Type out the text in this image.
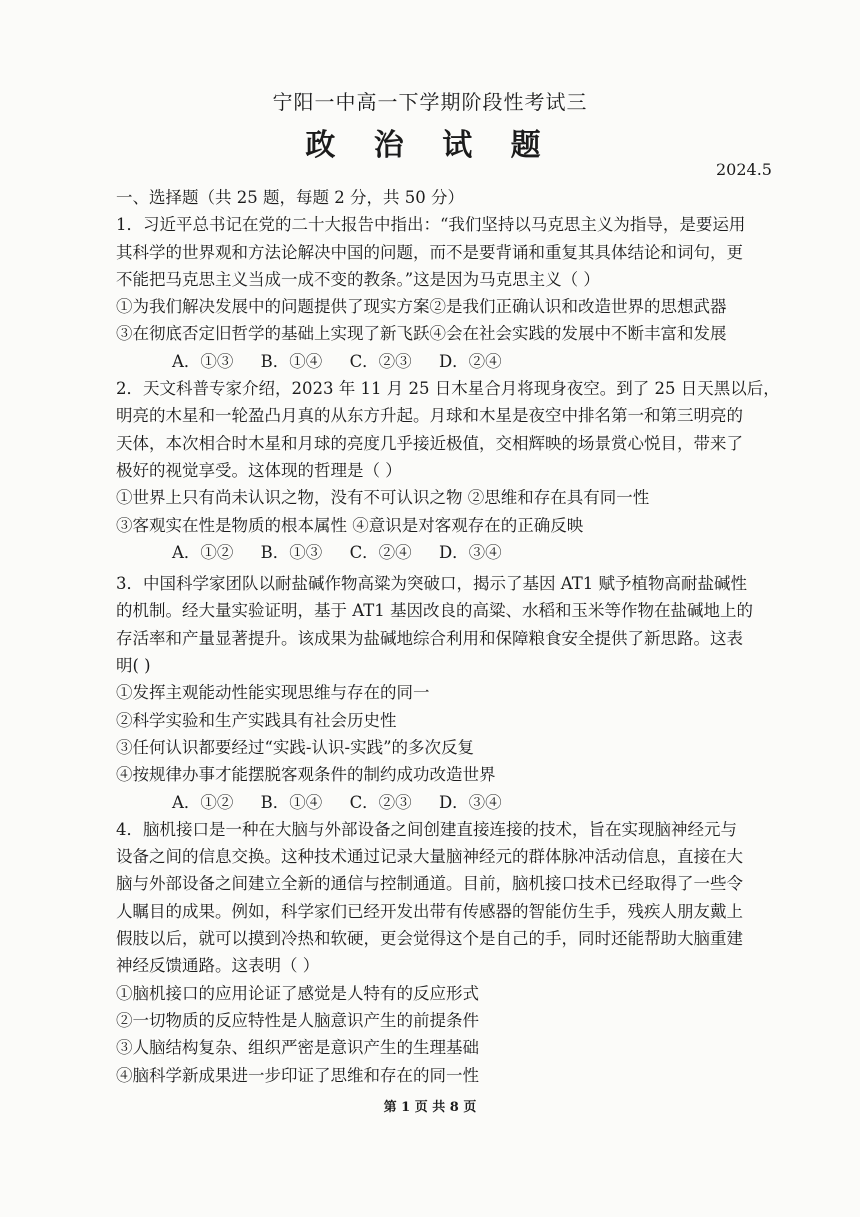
宁阳一中高一下学期阶段性考试三
政 治 试 题
2024.5
一、选择题（共 25 题，每题 2 分，共 50 分）
1．习近平总书记在党的二十大报告中指出：“我们坚持以马克思主义为指导，是要运用
其科学的世界观和方法论解决中国的问题，而不是要背诵和重复其具体结论和词句，更
不能把马克思主义当成一成不变的教条。”这是因为马克思主义（ ）
①为我们解决发展中的问题提供了现实方案②是我们正确认识和改造世界的思想武器
③在彻底否定旧哲学的基础上实现了新飞跃④会在社会实践的发展中不断丰富和发展
A．①③ B．①④ C．②③ D．②④
2．天文科普专家介绍，2023 年 11 月 25 日木星合月将现身夜空。到了 25 日天黑以后，
明亮的木星和一轮盈凸月真的从东方升起。月球和木星是夜空中排名第一和第三明亮的
天体，本次相合时木星和月球的亮度几乎接近极值，交相辉映的场景赏心悦目，带来了
极好的视觉享受。这体现的哲理是（ ）
①世界上只有尚未认识之物，没有不可认识之物 ②思维和存在具有同一性
③客观实在性是物质的根本属性 ④意识是对客观存在的正确反映
A．①② B．①③ C．②④ D．③④
3．中国科学家团队以耐盐碱作物高粱为突破口，揭示了基因 AT1 赋予植物高耐盐碱性
的机制。经大量实验证明，基于 AT1 基因改良的高粱、水稻和玉米等作物在盐碱地上的
存活率和产量显著提升。该成果为盐碱地综合利用和保障粮食安全提供了新思路。这表
明( )
①发挥主观能动性能实现思维与存在的同一
②科学实验和生产实践具有社会历史性
③任何认识都要经过“实践-认识-实践”的多次反复
④按规律办事才能摆脱客观条件的制约成功改造世界
A．①② B．①④ C．②③ D．③④
4．脑机接口是一种在大脑与外部设备之间创建直接连接的技术，旨在实现脑神经元与
设备之间的信息交换。这种技术通过记录大量脑神经元的群体脉冲活动信息，直接在大
脑与外部设备之间建立全新的通信与控制通道。目前，脑机接口技术已经取得了一些令
人瞩目的成果。例如，科学家们已经开发出带有传感器的智能仿生手，残疾人朋友戴上
假肢以后，就可以摸到冷热和软硬，更会觉得这个是自己的手，同时还能帮助大脑重建
神经反馈通路。这表明（ ）
①脑机接口的应用论证了感觉是人特有的反应形式
②一切物质的反应特性是人脑意识产生的前提条件
③人脑结构复杂、组织严密是意识产生的生理基础
④脑科学新成果进一步印证了思维和存在的同一性
第 1 页 共 8 页
